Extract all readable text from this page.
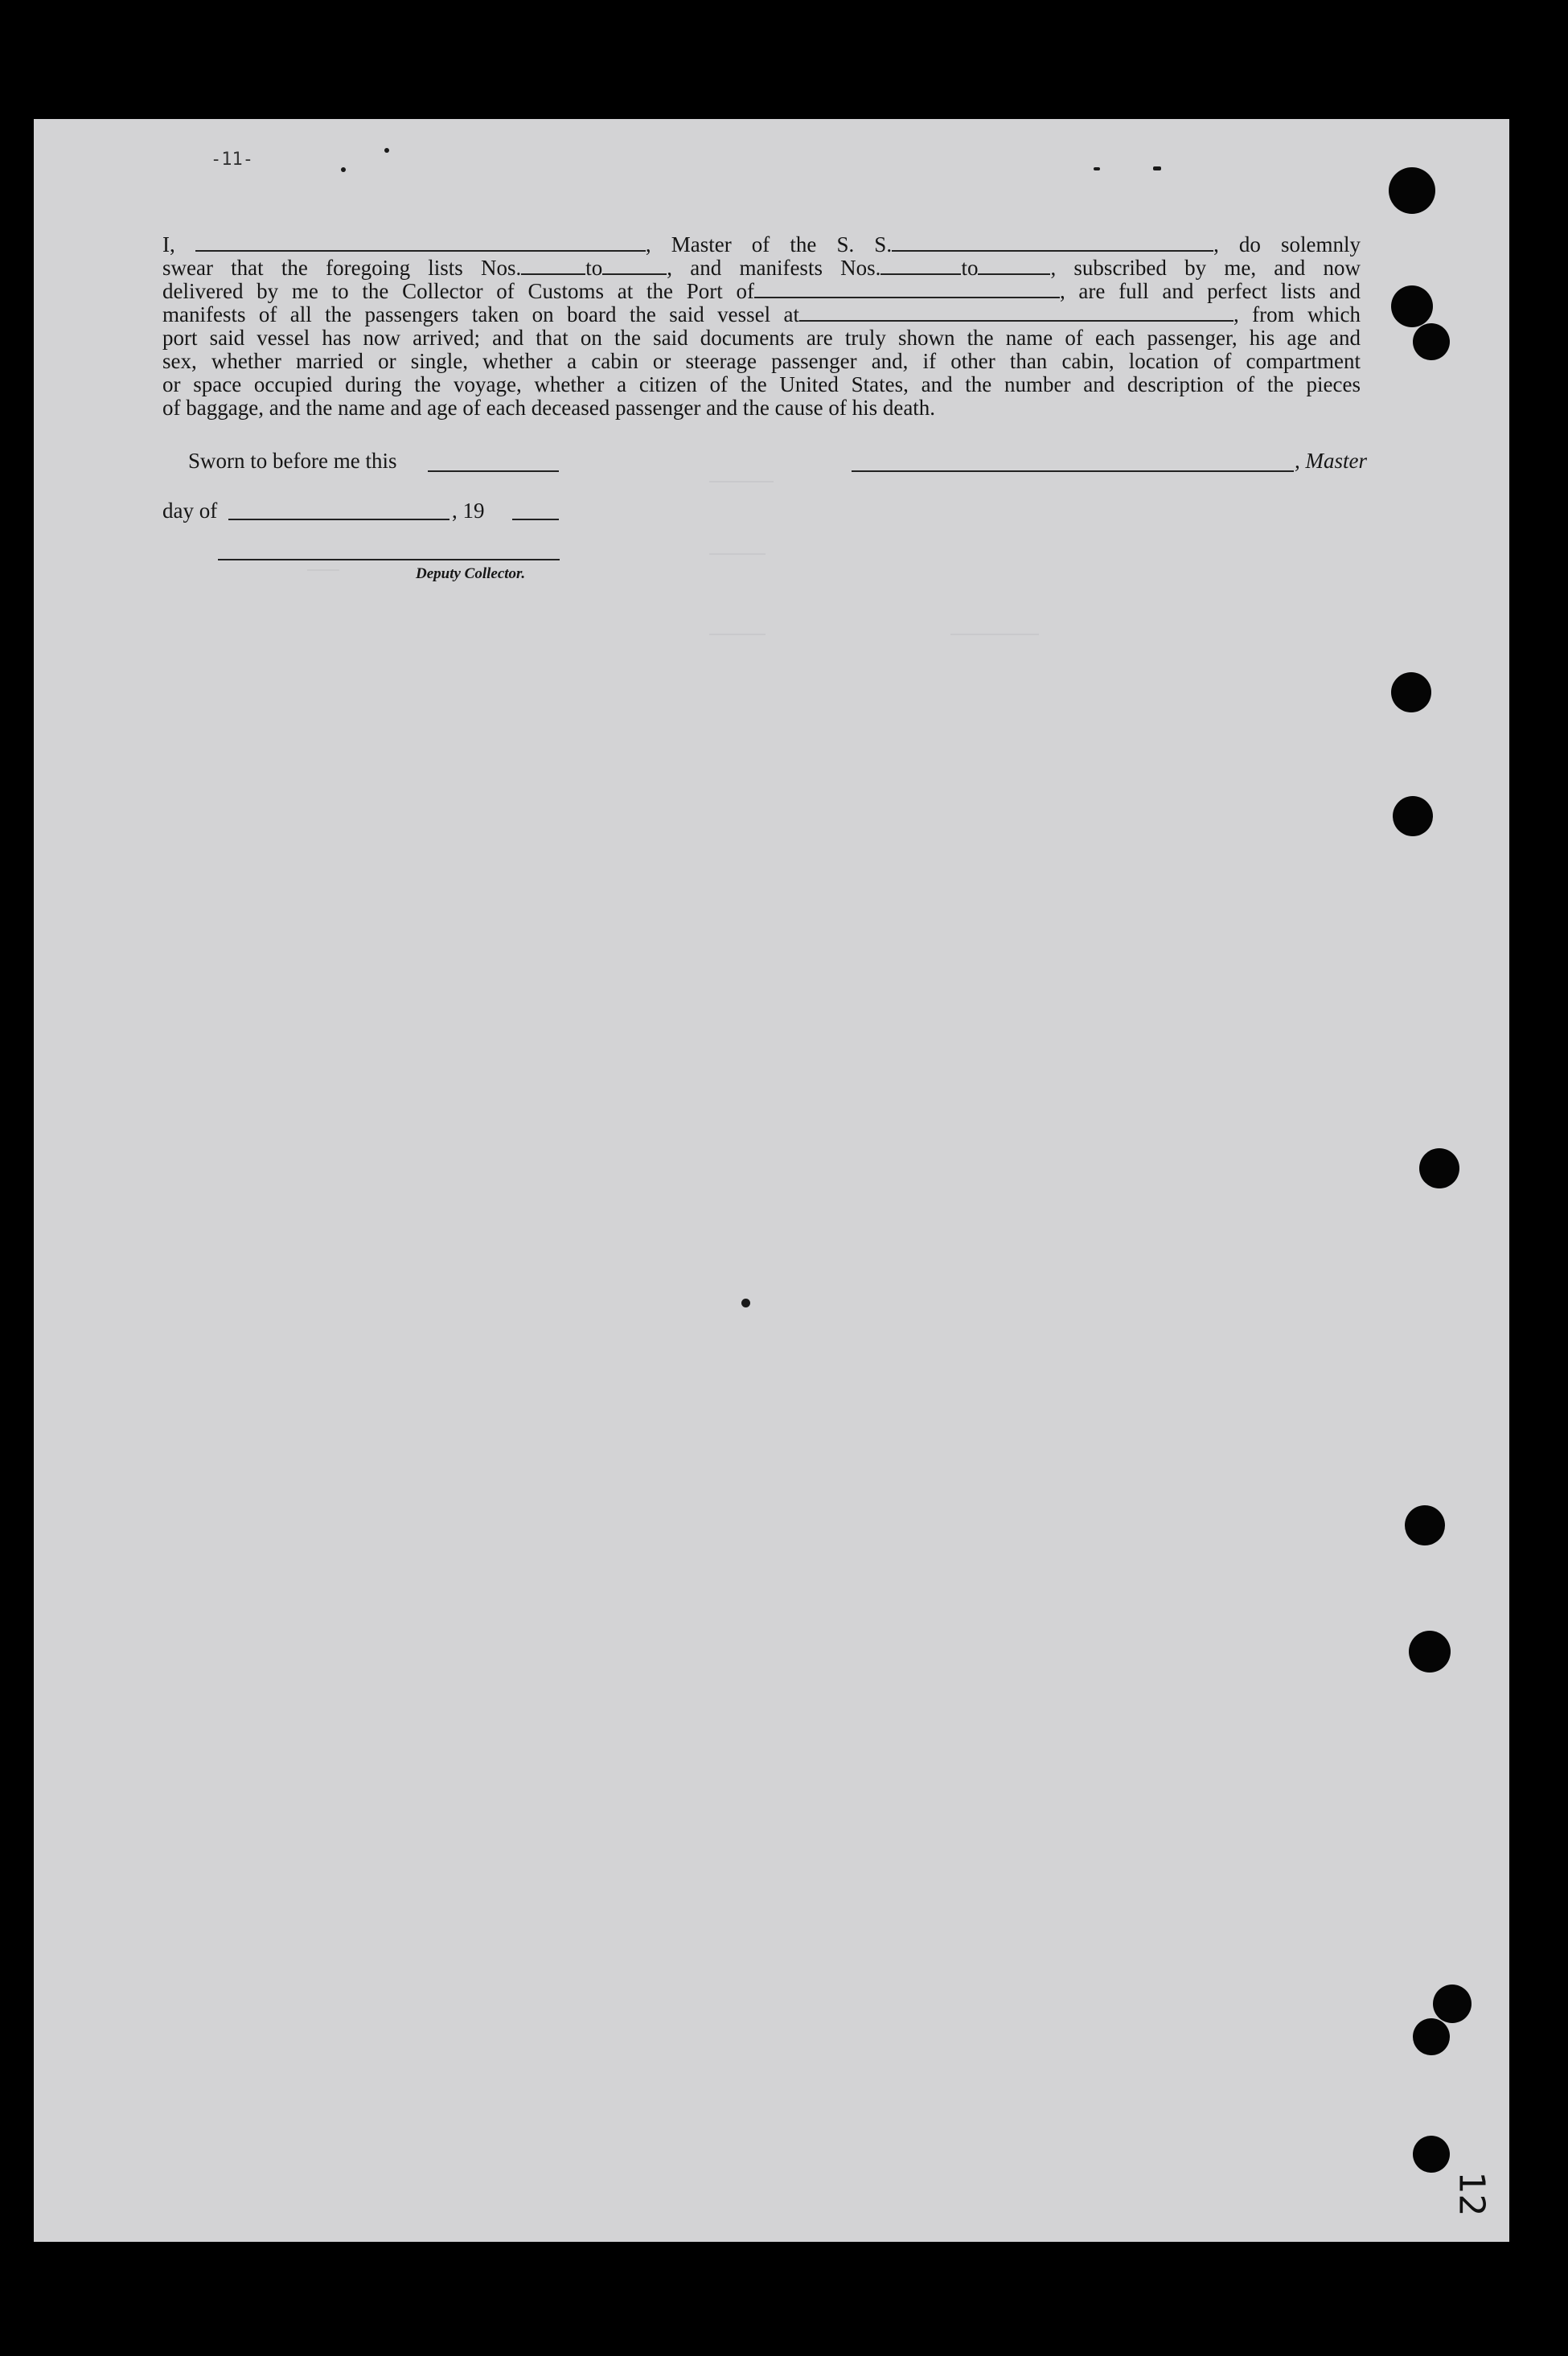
-11-

I,	, Master of the S. S.	, do solemnly

swear that the foregoing lists Nos.	to	, and manifests Nos.	to	, subscribed by me, and now

delivered by me to the Collector of Customs at the Port of	, are full and perfect lists and

manifests of all the passengers taken on board the said vessel at	, from which

port said vessel has now arrived; and that on the said documents are truly shown the name of each passenger, his age and

sex, whether married or single, whether a cabin or steerage passenger and, if other than cabin, location of compartment

or space occupied during the voyage, whether a citizen of the United States, and the number and description of the pieces

of baggage, and the name and age of each deceased passenger and the cause of his death.

Sworn to before me this
day of	, 19
Deputy Collector.
, Master
12
